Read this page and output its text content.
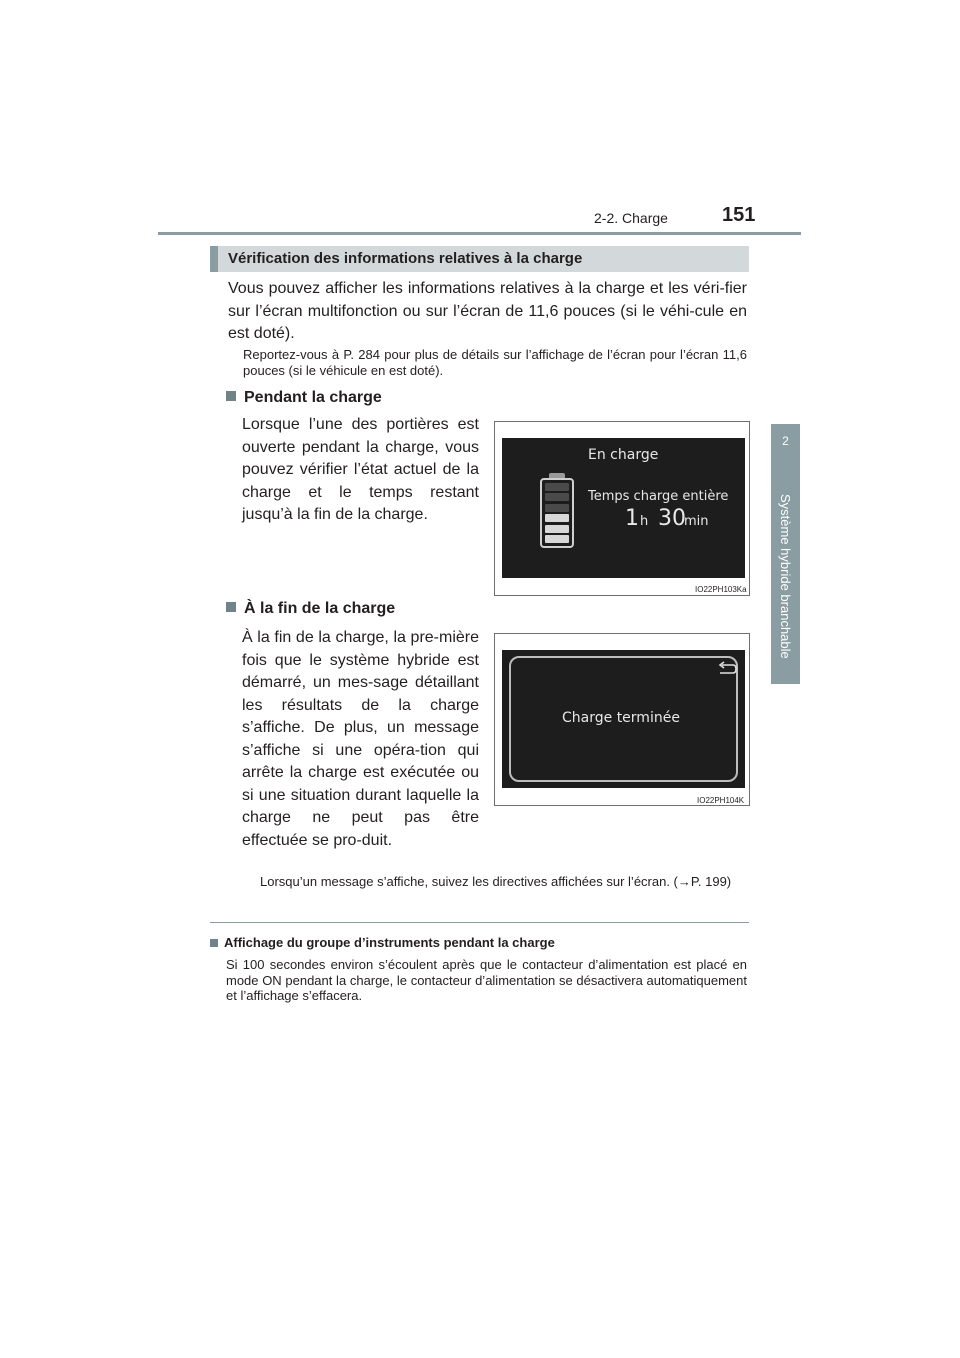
2-2. Charge	151
2
Système hybride branchable
Vérification des informations relatives à la charge
Vous pouvez afficher les informations relatives à la charge et les véri-fier sur l’écran multifonction ou sur l’écran de 11,6 pouces (si le véhi-cule en est doté).
Reportez-vous à P. 284 pour plus de détails sur l’affichage de l’écran pour l’écran 11,6 pouces (si le véhicule en est doté).
Pendant la charge
Lorsque l’une des portières est ouverte pendant la charge, vous pouvez vérifier l’état actuel de la charge et le temps restant jusqu’à la fin de la charge.
En charge
Temps charge entière
1 h 30
min
IO22PH103Ka
À la fin de la charge
À la fin de la charge, la pre-mière fois que le système hybride est démarré, un mes-sage détaillant les résultats de la charge s’affiche. De plus, un message s’affiche si une opéra-tion qui arrête la charge est exécutée ou si une situation durant laquelle la charge ne peut pas être effectuée se pro-duit.
Charge terminée
IO22PH104K
Lorsqu’un message s’affiche, suivez les directives affichées sur l’écran. (→P. 199)
Affichage du groupe d’instruments pendant la charge
Si 100 secondes environ s’écoulent après que le contacteur d’alimentation est placé en mode ON pendant la charge, le contacteur d’alimentation se désactivera automatiquement et l’affichage s’effacera.
